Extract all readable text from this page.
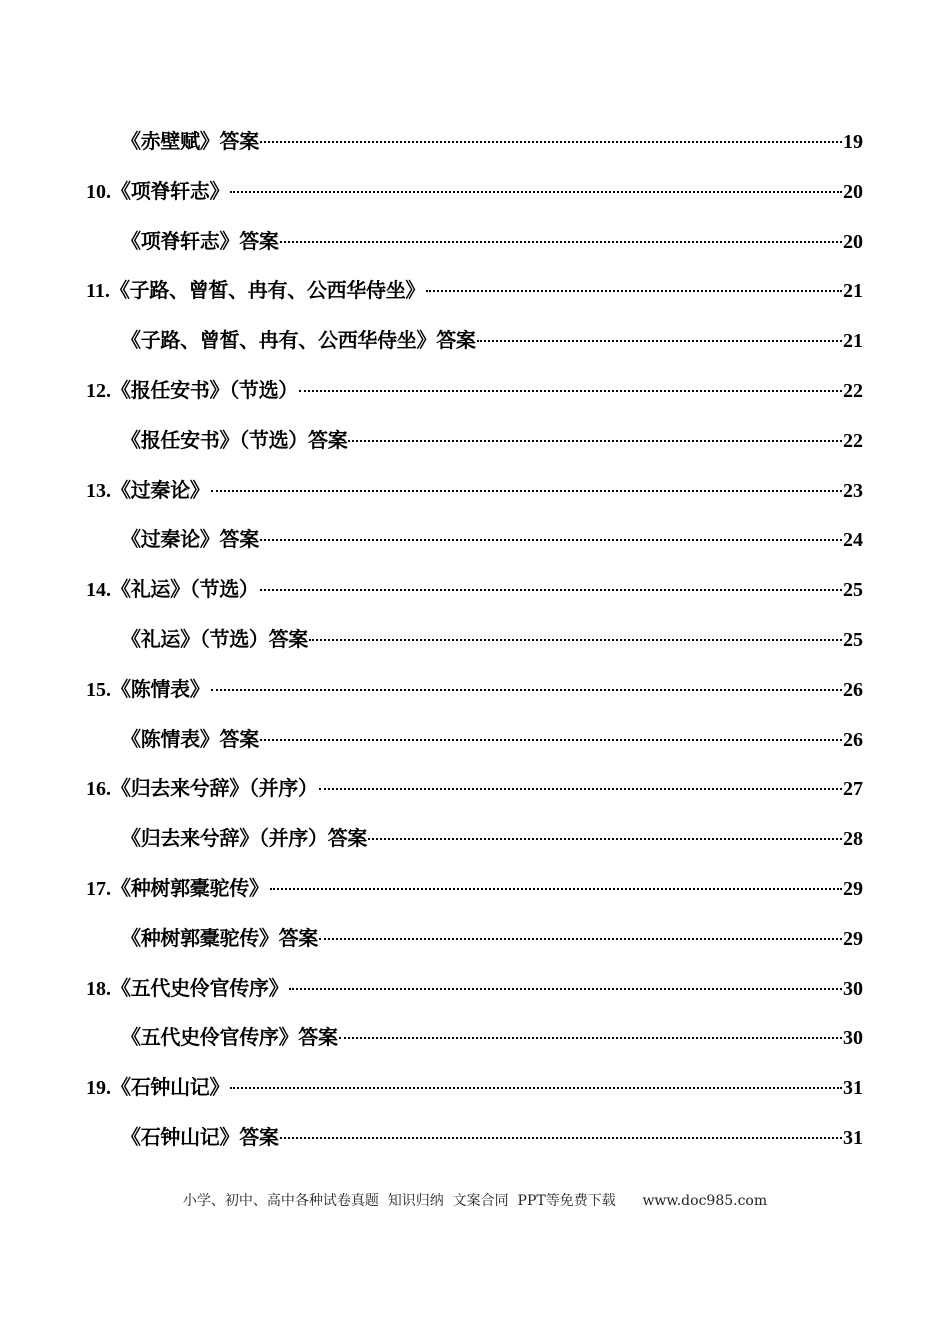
《赤壁赋》答案	19
10. 《项脊轩志》	20
《项脊轩志》答案	20
11. 《子路、曾皙、冉有、公西华侍坐》	21
《子路、曾皙、冉有、公西华侍坐》答案	21
12. 《报任安书》（节选）	22
《报任安书》（节选）答案	22
13. 《过秦论》	23
《过秦论》答案	24
14. 《礼运》（节选）	25
《礼运》（节选）答案	25
15. 《陈情表》	26
《陈情表》答案	26
16. 《归去来兮辞》（并序）	27
《归去来兮辞》（并序）答案	28
17. 《种树郭橐驼传》	29
《种树郭橐驼传》答案	29
18. 《五代史伶官传序》	30
《五代史伶官传序》答案	30
19. 《石钟山记》	31
《石钟山记》答案	31
小学、初中、高中各种试卷真题  知识归纳  文案合同  PPT等免费下载      www.doc985.com
